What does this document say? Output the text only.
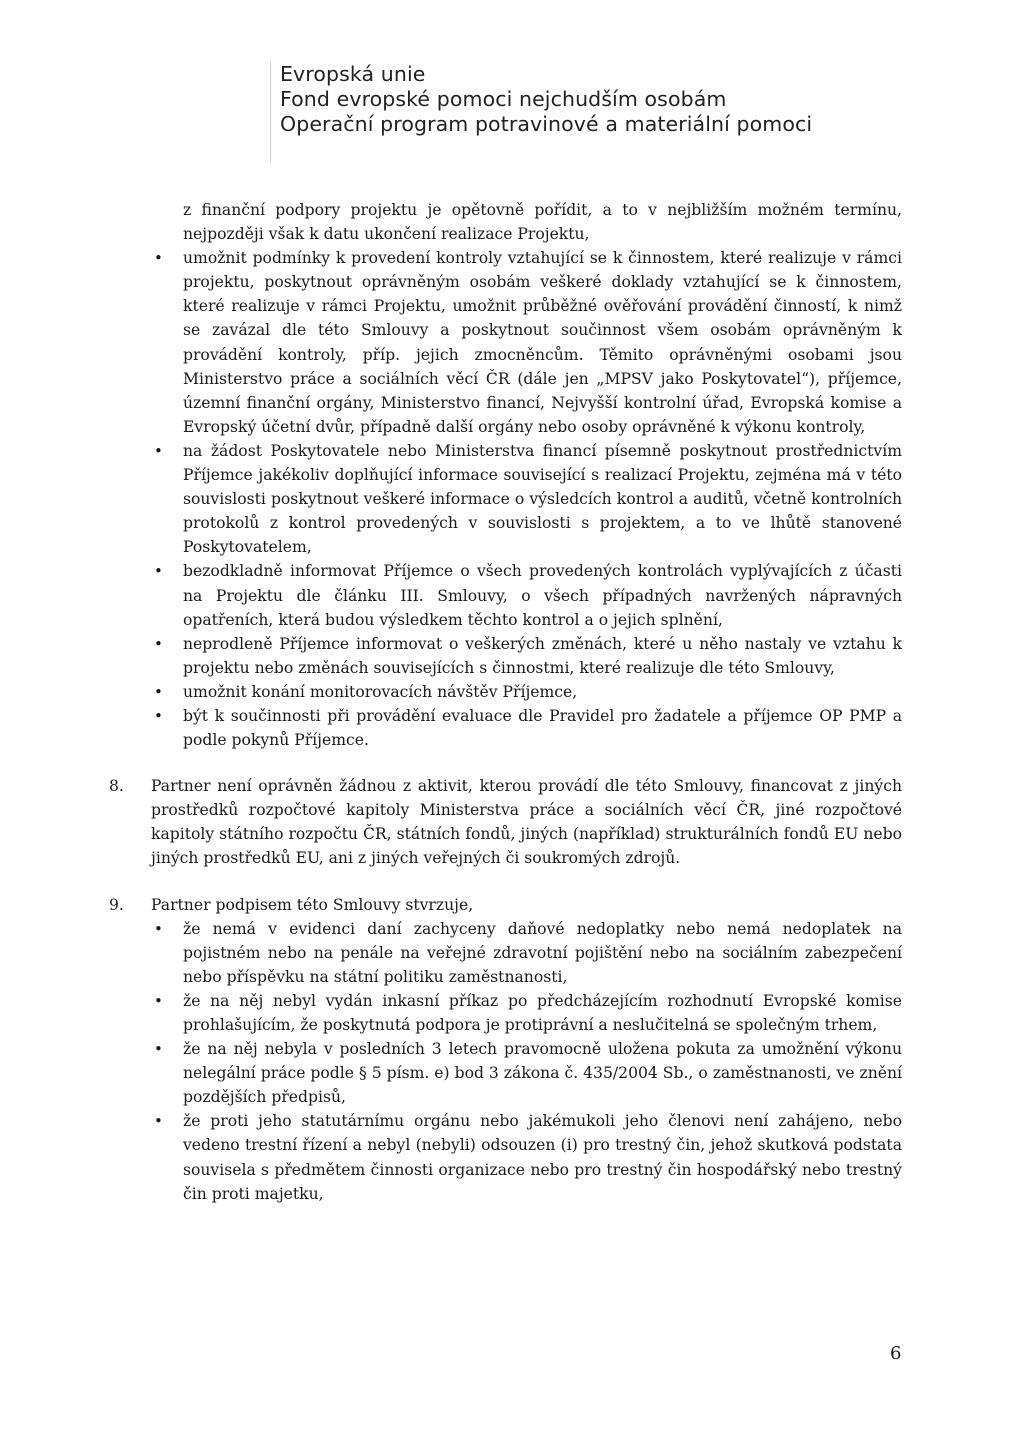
Evropská unie
Fond evropské pomoci nejchudším osobám
Operační program potravinové a materiální pomoci

z finanční podpory projektu je opětovně pořídit, a to v nejbližším možném termínu, nejpozději však k datu ukončení realizace Projektu,

• umožnit podmínky k provedení kontroly vztahující se k činnostem, které realizuje v rámci projektu, poskytnout oprávněným osobám veškeré doklady vztahující se k činnostem, které realizuje v rámci Projektu, umožnit průběžné ověřování provádění činností, k nimž se zavázal dle této Smlouvy a poskytnout součinnost všem osobám oprávněným k provádění kontroly, příp. jejich zmocněncům. Těmito oprávněnými osobami jsou Ministerstvo práce a sociálních věcí ČR (dále jen „MPSV jako Poskytovatel“), příjemce, územní finanční orgány, Ministerstvo financí, Nejvyšší kontrolní úřad, Evropská komise a Evropský účetní dvůr, případně další orgány nebo osoby oprávněné k výkonu kontroly,
• na žádost Poskytovatele nebo Ministerstva financí písemně poskytnout prostřednictvím Příjemce jakékoliv doplňující informace související s realizací Projektu, zejména má v této souvislosti poskytnout veškeré informace o výsledcích kontrol a auditů, včetně kontrolních protokolů z kontrol provedených v souvislosti s projektem, a to ve lhůtě stanovené Poskytovatelem,
• bezodkladně informovat Příjemce o všech provedených kontrolách vyplývajících z účasti na Projektu dle článku III. Smlouvy, o všech případných navržených nápravných opatřeních, která budou výsledkem těchto kontrol a o jejich splnění,
• neprodleně Příjemce informovat o veškerých změnách, které u něho nastaly ve vztahu k projektu nebo změnách souvisejících s činnostmi, které realizuje dle této Smlouvy,
• umožnit konání monitorovacích návštěv Příjemce,
• být k součinnosti při provádění evaluace dle Pravidel pro žadatele a příjemce OP PMP a podle pokynů Příjemce.
8. Partner není oprávněn žádnou z aktivit, kterou provádí dle této Smlouvy, financovat z jiných prostředků rozpočtové kapitoly Ministerstva práce a sociálních věcí ČR, jiné rozpočtové kapitoly státního rozpočtu ČR, státních fondů, jiných (například) strukturálních fondů EU nebo jiných prostředků EU, ani z jiných veřejných či soukromých zdrojů.
9. Partner podpisem této Smlouvy stvrzuje,
• že nemá v evidenci daní zachyceny daňové nedoplatky nebo nemá nedoplatek na pojistném nebo na penále na veřejné zdravotní pojištění nebo na sociálním zabezpečení nebo příspěvku na státní politiku zaměstnanosti,
• že na něj nebyl vydán inkasní příkaz po předcházejícím rozhodnutí Evropské komise prohlašujícím, že poskytnutá podpora je protiprávní a neslučitelná se společným trhem,
• že na něj nebyla v posledních 3 letech pravomocně uložena pokuta za umožnění výkonu nelegální práce podle § 5 písm. e) bod 3 zákona č. 435/2004 Sb., o zaměstnanosti, ve znění pozdějších předpisů,
• že proti jeho statutárnímu orgánu nebo jakémukoli jeho členovi není zahájeno, nebo vedeno trestní řízení a nebyl (nebyli) odsouzen (i) pro trestný čin, jehož skutková podstata souvisela s předmětem činnosti organizace nebo pro trestný čin hospodářský nebo trestný čin proti majetku,
6
